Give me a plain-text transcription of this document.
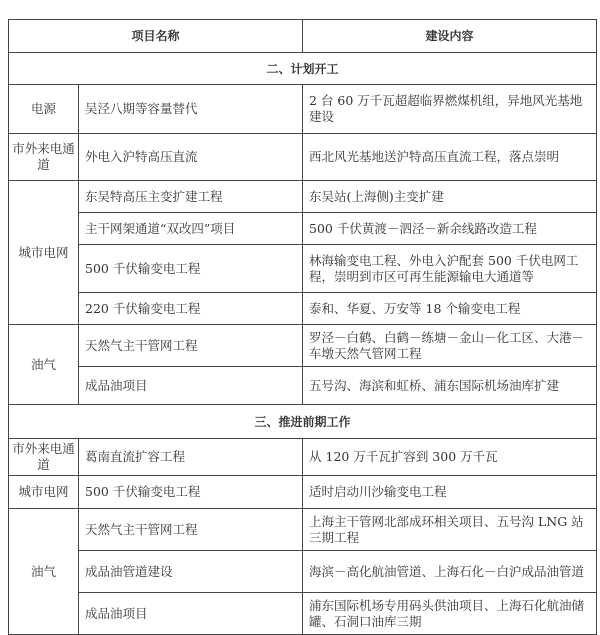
项目名称		建设内容
二、计划开工		
电源	吴泾八期等容量替代	2 台 60 万千瓦超超临界燃煤机组，异地风光基地建设
市外来电通道	外电入沪特高压直流	西北风光基地送沪特高压直流工程，落点崇明
城市电网	东吴特高压主变扩建工程	东吴站(上海侧)主变扩建
	主干网架通道“双改四”项目	500 千伏黄渡－泗泾－新余线路改造工程
	500 千伏输变电工程	林海输变电工程、外电入沪配套 500 千伏电网工程，崇明到市区可再生能源输电大通道等
	220 千伏输变电工程	泰和、华夏、万安等 18 个输变电工程
油气	天然气主干管网工程	罗泾－白鹤、白鹤－练塘－金山－化工区、大港－车墩天然气管网工程
	成品油项目	五号沟、海滨和虹桥、浦东国际机场油库扩建
三、推进前期工作		
市外来电通道	葛南直流扩容工程	从 120 万千瓦扩容到 300 万千瓦
城市电网	500 千伏输变电工程	适时启动川沙输变电工程
油气	天然气主干管网工程	上海主干管网北部成环相关项目、五号沟 LNG 站三期工程
	成品油管道建设	海滨－高化航油管道、上海石化－白沪成品油管道
	成品油项目	浦东国际机场专用码头供油项目、上海石化航油储罐、石洞口油库三期
